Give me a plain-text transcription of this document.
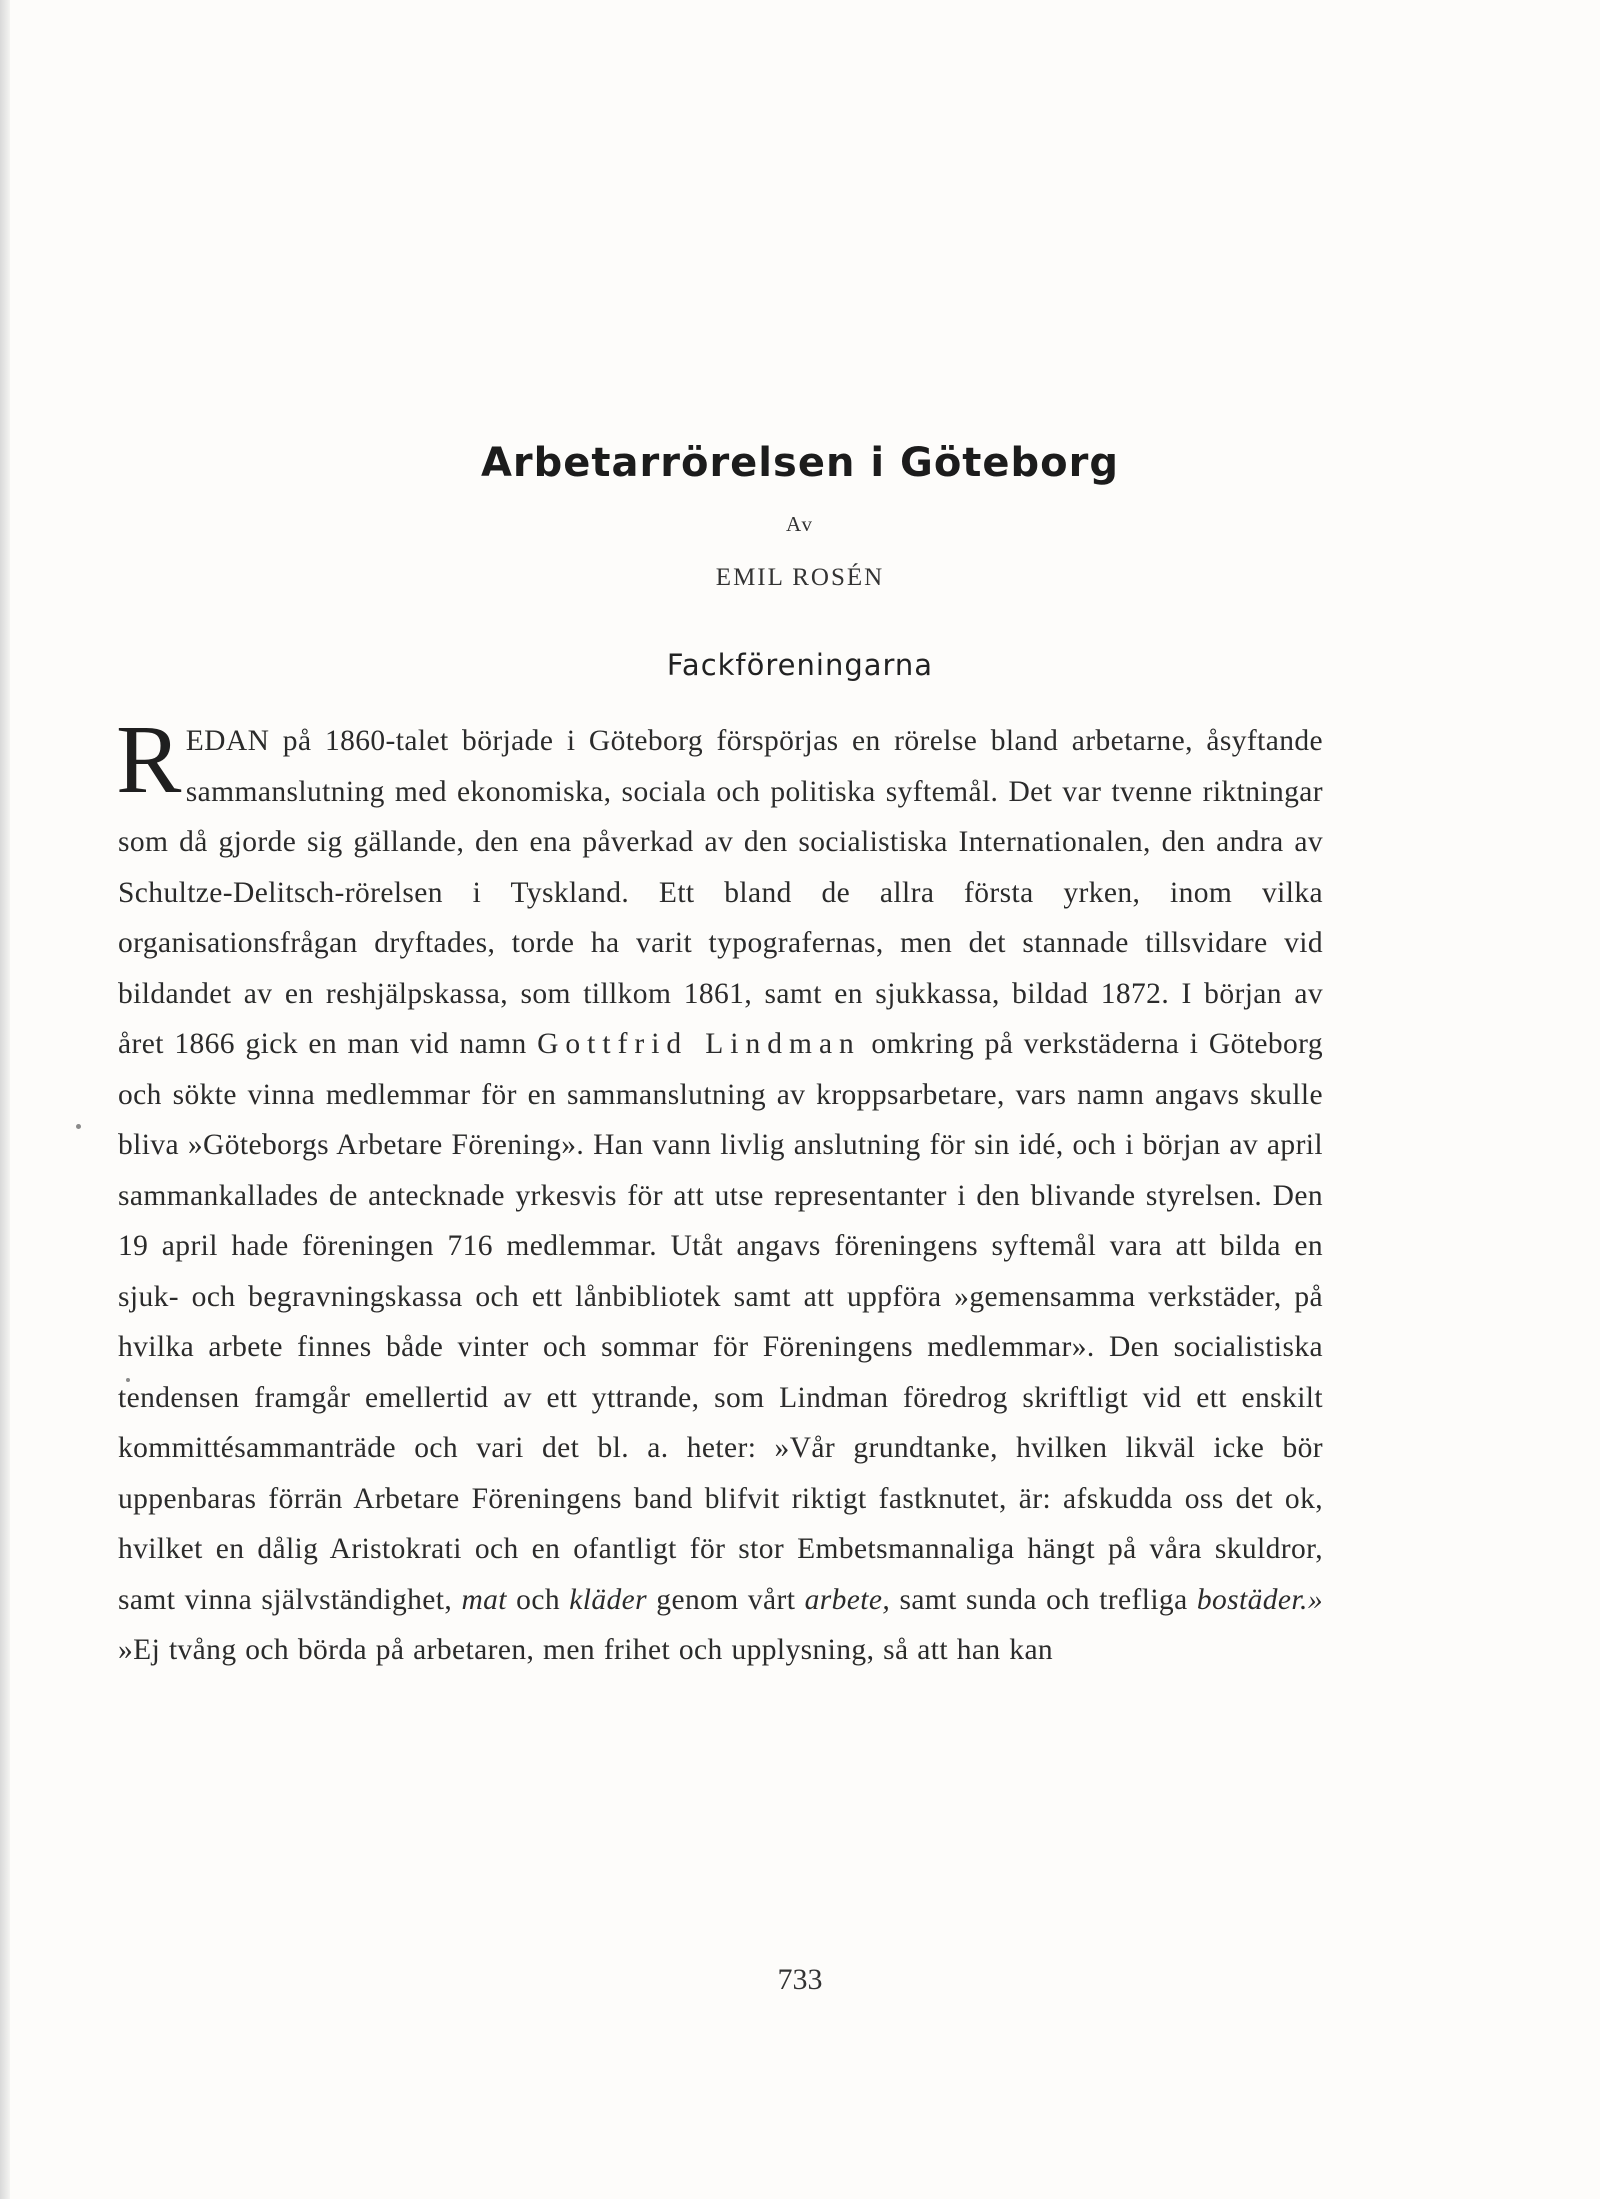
Arbetarrörelsen i Göteborg
Av
EMIL ROSÉN
Fackföreningarna
REDAN på 1860-talet började i Göteborg förspörjas en rörelse bland arbetarne, åsyftande sammanslutning med ekonomiska, sociala och politiska syftemål. Det var tvenne riktningar som då gjorde sig gällande, den ena påverkad av den socialistiska Internationalen, den andra av Schultze-Delitsch-rörelsen i Tyskland. Ett bland de allra första yrken, inom vilka organisationsfrågan dryftades, torde ha varit typografernas, men det stannade tillsvidare vid bildandet av en reshjälpskassa, som tillkom 1861, samt en sjukkassa, bildad 1872. I början av året 1866 gick en man vid namn Gottfrid Lindman omkring på verkstäderna i Göteborg och sökte vinna medlemmar för en sammanslutning av kroppsarbetare, vars namn angavs skulle bliva »Göteborgs Arbetare Förening». Han vann livlig anslutning för sin idé, och i början av april sammankallades de antecknade yrkesvis för att utse representanter i den blivande styrelsen. Den 19 april hade föreningen 716 medlemmar. Utåt angavs föreningens syftemål vara att bilda en sjuk- och begravningskassa och ett lånbibliotek samt att uppföra »gemensamma verkstäder, på hvilka arbete finnes både vinter och sommar för Föreningens medlemmar». Den socialistiska tendensen framgår emellertid av ett yttrande, som Lindman föredrog skriftligt vid ett enskilt kommittésammanträde och vari det bl. a. heter: »Vår grundtanke, hvilken likväl icke bör uppenbaras förrän Arbetare Föreningens band blifvit riktigt fastknutet, är: afskudda oss det ok, hvilket en dålig Aristokrati och en ofantligt för stor Embetsmannaliga hängt på våra skuldror, samt vinna självständighet, mat och kläder genom vårt arbete, samt sunda och trefliga bostäder.» »Ej tvång och börda på arbetaren, men frihet och upplysning, så att han kan
733
